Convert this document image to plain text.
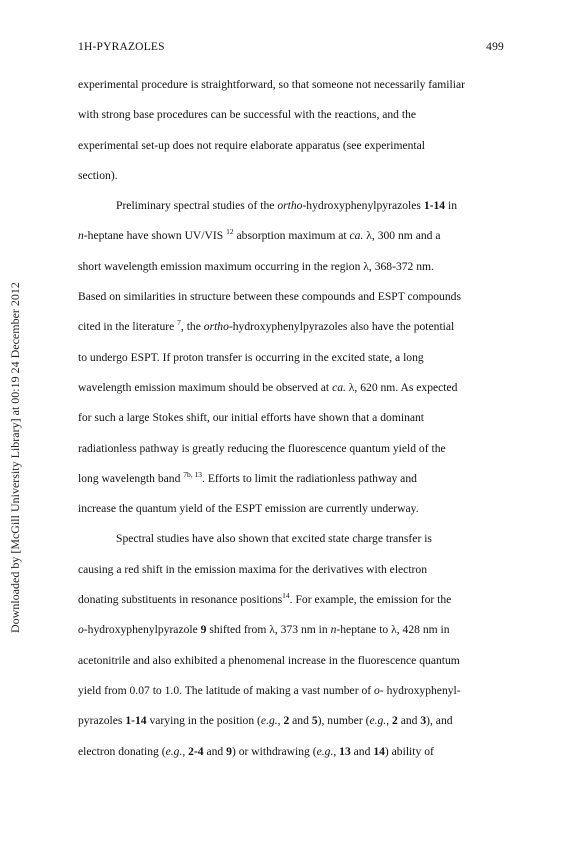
1H-PYRAZOLES	499
Downloaded by [McGill University Library] at 00:19 24 December 2012
experimental procedure is straightforward, so that someone not necessarily familiar
with strong base procedures can be successful with the reactions, and the
experimental set-up does not require elaborate apparatus (see experimental
section).
Preliminary spectral studies of the ortho-hydroxyphenylpyrazoles 1-14 in
n-heptane have shown UV/VIS $^{12}$ absorption maximum at ca. λ, 300 nm and a
short wavelength emission maximum occurring in the region λ, 368-372 nm.
Based on similarities in structure between these compounds and ESPT compounds
cited in the literature $^7$, the ortho-hydroxyphenylpyrazoles also have the potential
to undergo ESPT. If proton transfer is occurring in the excited state, a long
wavelength emission maximum should be observed at ca. λ, 620 nm. As expected
for such a large Stokes shift, our initial efforts have shown that a dominant
radiationless pathway is greatly reducing the fluorescence quantum yield of the
long wavelength band $^{7b, 13}$. Efforts to limit the radiationless pathway and
increase the quantum yield of the ESPT emission are currently underway.
Spectral studies have also shown that excited state charge transfer is
causing a red shift in the emission maxima for the derivatives with electron
donating substituents in resonance positions$^{14}$. For example, the emission for the
o-hydroxyphenylpyrazole 9 shifted from λ, 373 nm in n-heptane to λ, 428 nm in
acetonitrile and also exhibited a phenomenal increase in the fluorescence quantum
yield from 0.07 to 1.0. The latitude of making a vast number of o- hydroxyphenyl-
pyrazoles 1-14 varying in the position (e.g., 2 and 5), number (e.g., 2 and 3), and
electron donating (e.g., 2-4 and 9) or withdrawing (e.g., 13 and 14) ability of
